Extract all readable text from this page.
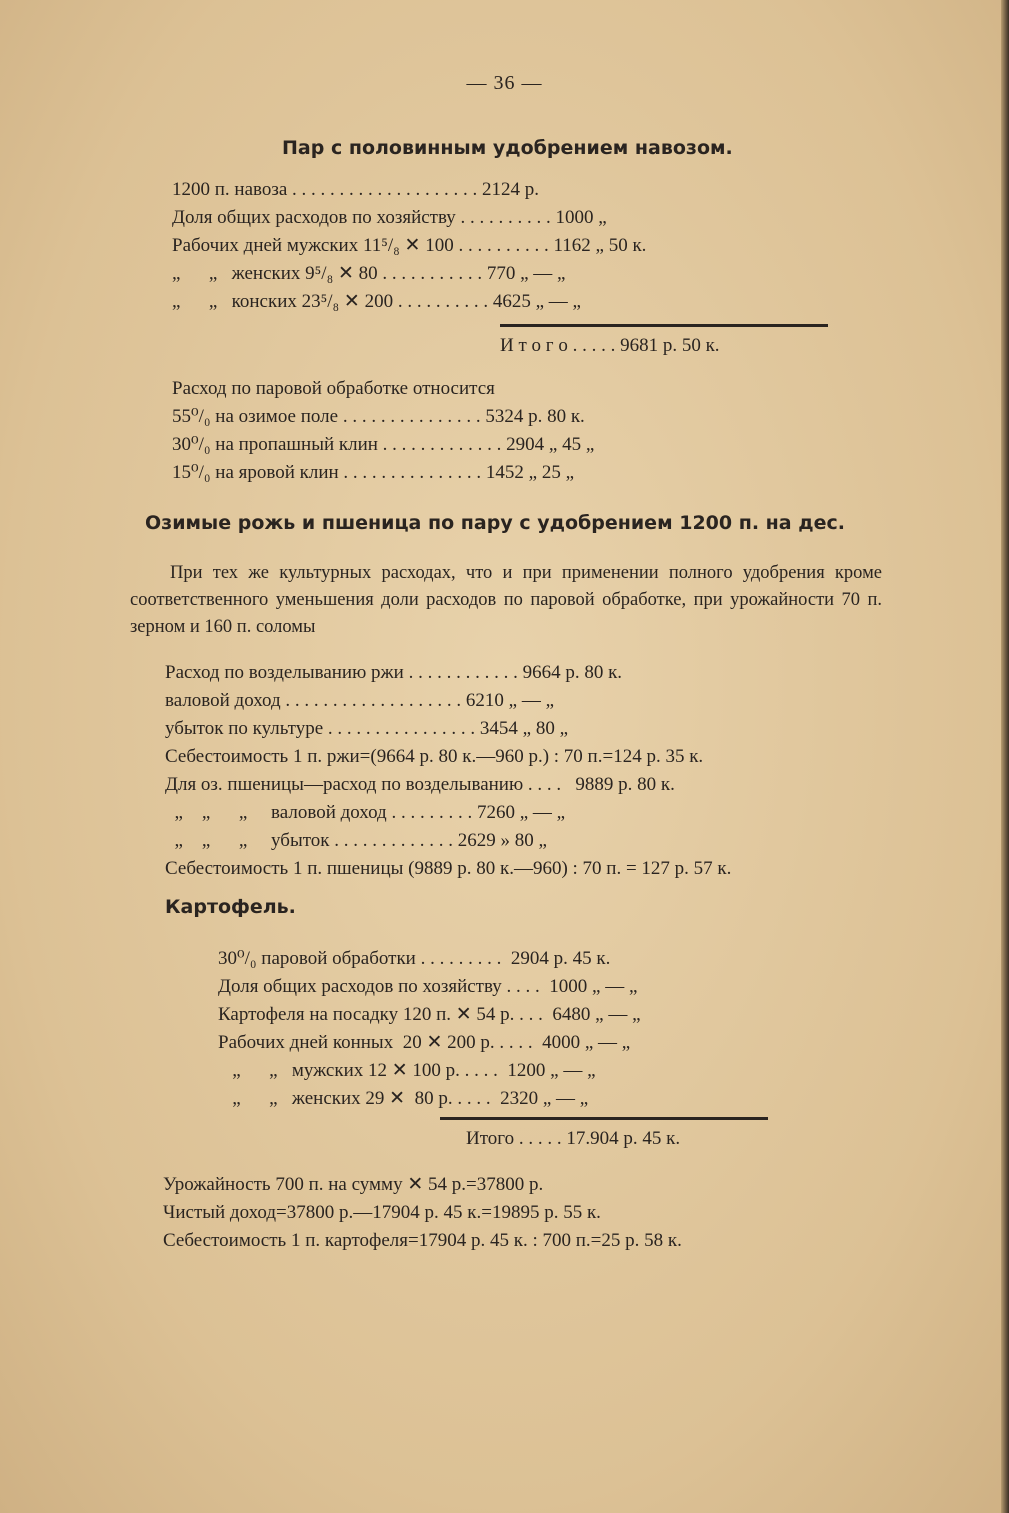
— 36 —
Пар с половинным удобрением навозом.
1200 п. навоза . . . . . . . . . . . . . . . . . . . . 2124 р.
Доля общих расходов по хозяйству . . . . . . . . . . 1000 „
Рабочих дней мужских 11⁵/₈ ✕ 100 . . . . . . . . . . 1162 „ 50 к.
„      „   женских 9⁵/₈ ✕ 80 . . . . . . . . . . . 770 „ — „
„      „   конских 23⁵/₈ ✕ 200 . . . . . . . . . . 4625 „ — „
И т о г о . . . . . 9681 р. 50 к.
Расход по паровой обработке относится
55⁰/₀ на озимое поле . . . . . . . . . . . . . . . 5324 р. 80 к.
30⁰/₀ на пропашный клин . . . . . . . . . . . . . 2904 „ 45 „
15⁰/₀ на яровой клин . . . . . . . . . . . . . . . 1452 „ 25 „
Озимые рожь и пшеница по пару с удобрением 1200 п. на дес.
При тех же культурных расходах, что и при применении полного удобрения кроме соответственного уменьшения доли расходов по паровой обработке, при урожайности 70 п. зерном и 160 п. соломы
Расход по возделыванию ржи . . . . . . . . . . . . 9664 р. 80 к.
валовой доход . . . . . . . . . . . . . . . . . . . 6210 „ — „
убыток по культуре . . . . . . . . . . . . . . . . 3454 „ 80 „
Себестоимость 1 п. ржи=(9664 р. 80 к.—960 р.) : 70 п.=124 р. 35 к.
Для оз. пшеницы—расход по возделыванию . . . .   9889 р. 80 к.
„    „      „     валовой доход . . . . . . . . . 7260 „ — „
„    „      „     убыток . . . . . . . . . . . . . 2629 » 80 „
Себестоимость 1 п. пшеницы (9889 р. 80 к.—960) : 70 п. = 127 р. 57 к.
Картофель.
30⁰/₀ паровой обработки . . . . . . . . .  2904 р. 45 к.
Доля общих расходов по хозяйству . . . .  1000 „ — „
Картофеля на посадку 120 п. ✕ 54 р. . . .  6480 „ — „
Рабочих дней конных  20 ✕ 200 р. . . . .  4000 „ — „
„      „   мужских 12 ✕ 100 р. . . . .  1200 „ — „
„      „   женских 29 ✕  80 р. . . . .  2320 „ — „
Итого . . . . . 17.904 р. 45 к.
Урожайность 700 п. на сумму ✕ 54 р.=37800 р.
Чистый доход=37800 р.—17904 р. 45 к.=19895 р. 55 к.
Себестоимость 1 п. картофеля=17904 р. 45 к. : 700 п.=25 р. 58 к.
